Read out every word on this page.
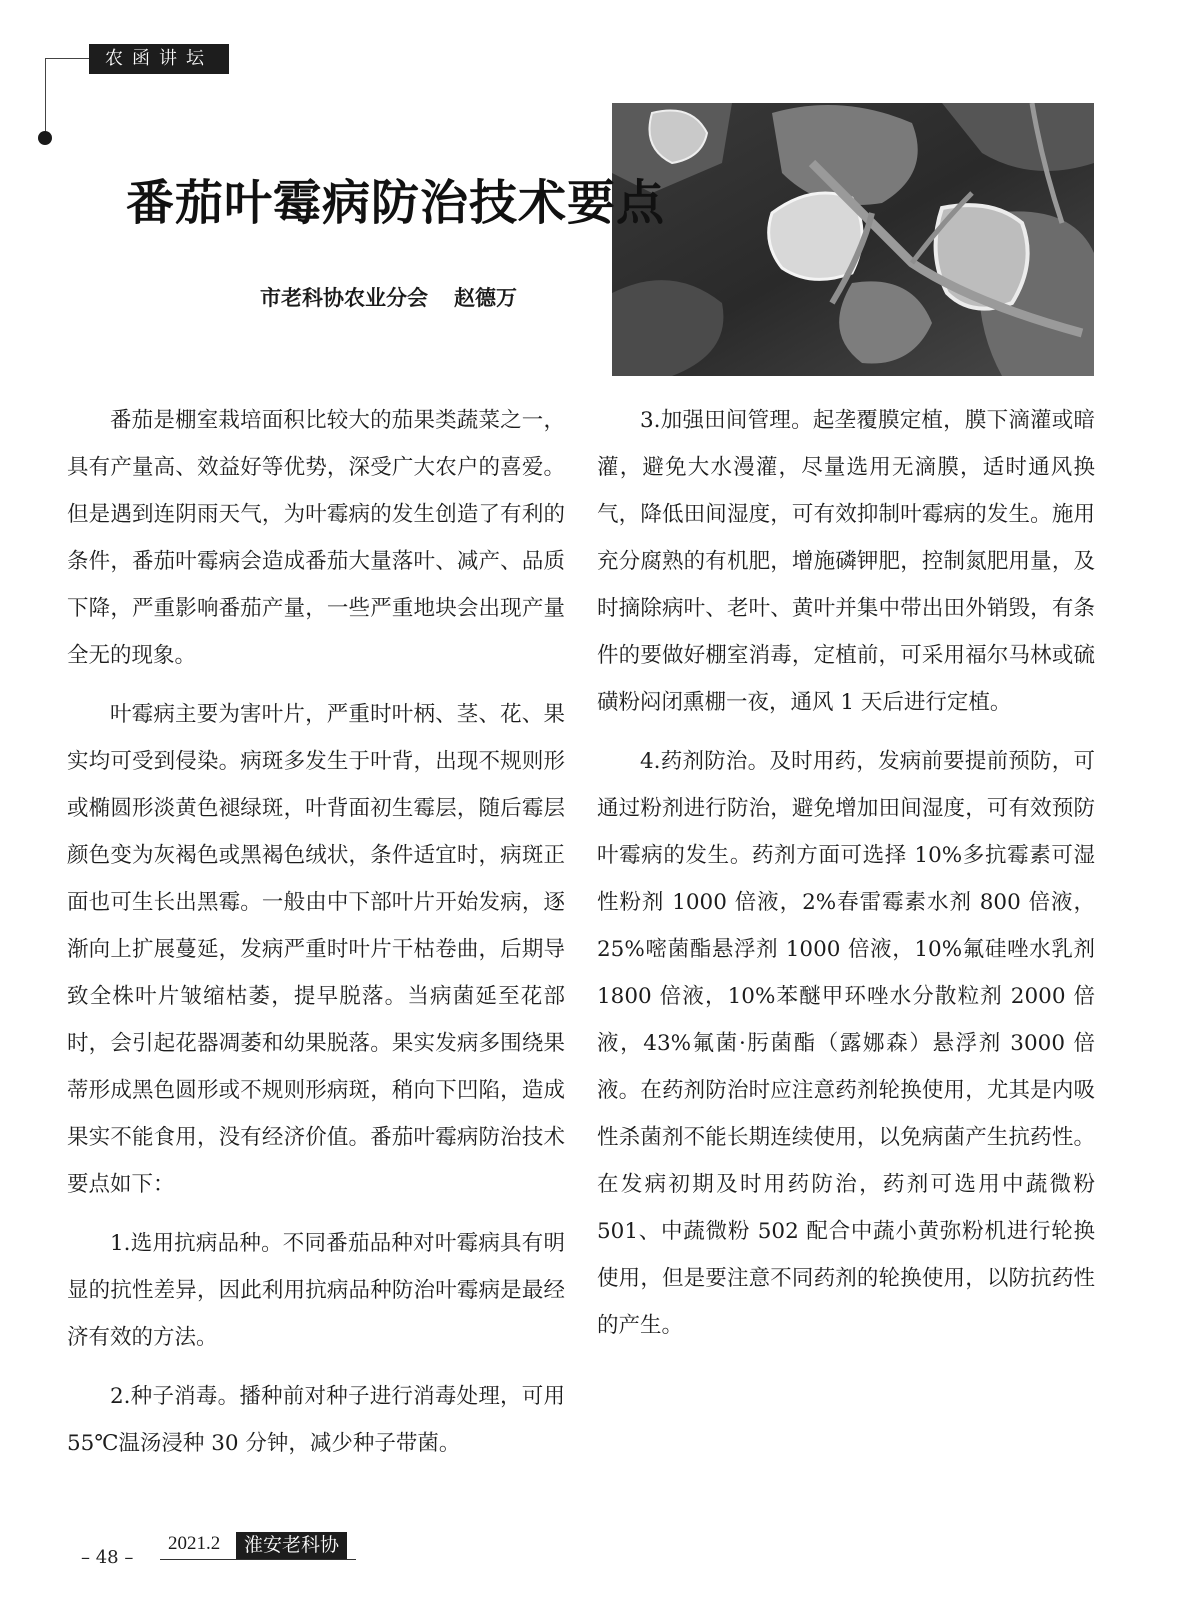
农函讲坛
番茄叶霉病防治技术要点
市老科协农业分会 赵德万

番茄是棚室栽培面积比较大的茄果类蔬菜之一，具有产量高、效益好等优势，深受广大农户的喜爱。但是遇到连阴雨天气，为叶霉病的发生创造了有利的条件，番茄叶霉病会造成番茄大量落叶、减产、品质下降，严重影响番茄产量，一些严重地块会出现产量全无的现象。

叶霉病主要为害叶片，严重时叶柄、茎、花、果实均可受到侵染。病斑多发生于叶背，出现不规则形或椭圆形淡黄色褪绿斑，叶背面初生霉层，随后霉层颜色变为灰褐色或黑褐色绒状，条件适宜时，病斑正面也可生长出黑霉。一般由中下部叶片开始发病，逐渐向上扩展蔓延，发病严重时叶片干枯卷曲，后期导致全株叶片皱缩枯萎，提早脱落。当病菌延至花部时，会引起花器凋萎和幼果脱落。果实发病多围绕果蒂形成黑色圆形或不规则形病斑，稍向下凹陷，造成果实不能食用，没有经济价值。番茄叶霉病防治技术要点如下：

1.选用抗病品种。不同番茄品种对叶霉病具有明显的抗性差异，因此利用抗病品种防治叶霉病是最经济有效的方法。

2.种子消毒。播种前对种子进行消毒处理，可用 55℃温汤浸种 30 分钟，减少种子带菌。

3.加强田间管理。起垄覆膜定植，膜下滴灌或暗灌，避免大水漫灌，尽量选用无滴膜，适时通风换气，降低田间湿度，可有效抑制叶霉病的发生。施用充分腐熟的有机肥，增施磷钾肥，控制氮肥用量，及时摘除病叶、老叶、黄叶并集中带出田外销毁，有条件的要做好棚室消毒，定植前，可采用福尔马林或硫磺粉闷闭熏棚一夜，通风 1 天后进行定植。

4.药剂防治。及时用药，发病前要提前预防，可通过粉剂进行防治，避免增加田间湿度，可有效预防叶霉病的发生。药剂方面可选择 10%多抗霉素可湿性粉剂 1000 倍液，2%春雷霉素水剂 800 倍液，25%嘧菌酯悬浮剂 1000 倍液，10%氟硅唑水乳剂 1800 倍液，10%苯醚甲环唑水分散粒剂 2000 倍液，43%氟菌·肟菌酯（露娜森）悬浮剂 3000 倍液。在药剂防治时应注意药剂轮换使用，尤其是内吸性杀菌剂不能长期连续使用，以免病菌产生抗药性。在发病初期及时用药防治，药剂可选用中蔬微粉 501、中蔬微粉 502 配合中蔬小黄弥粉机进行轮换使用，但是要注意不同药剂的轮换使用，以防抗药性的产生。

– 48 –
2021.2	淮安老科协
